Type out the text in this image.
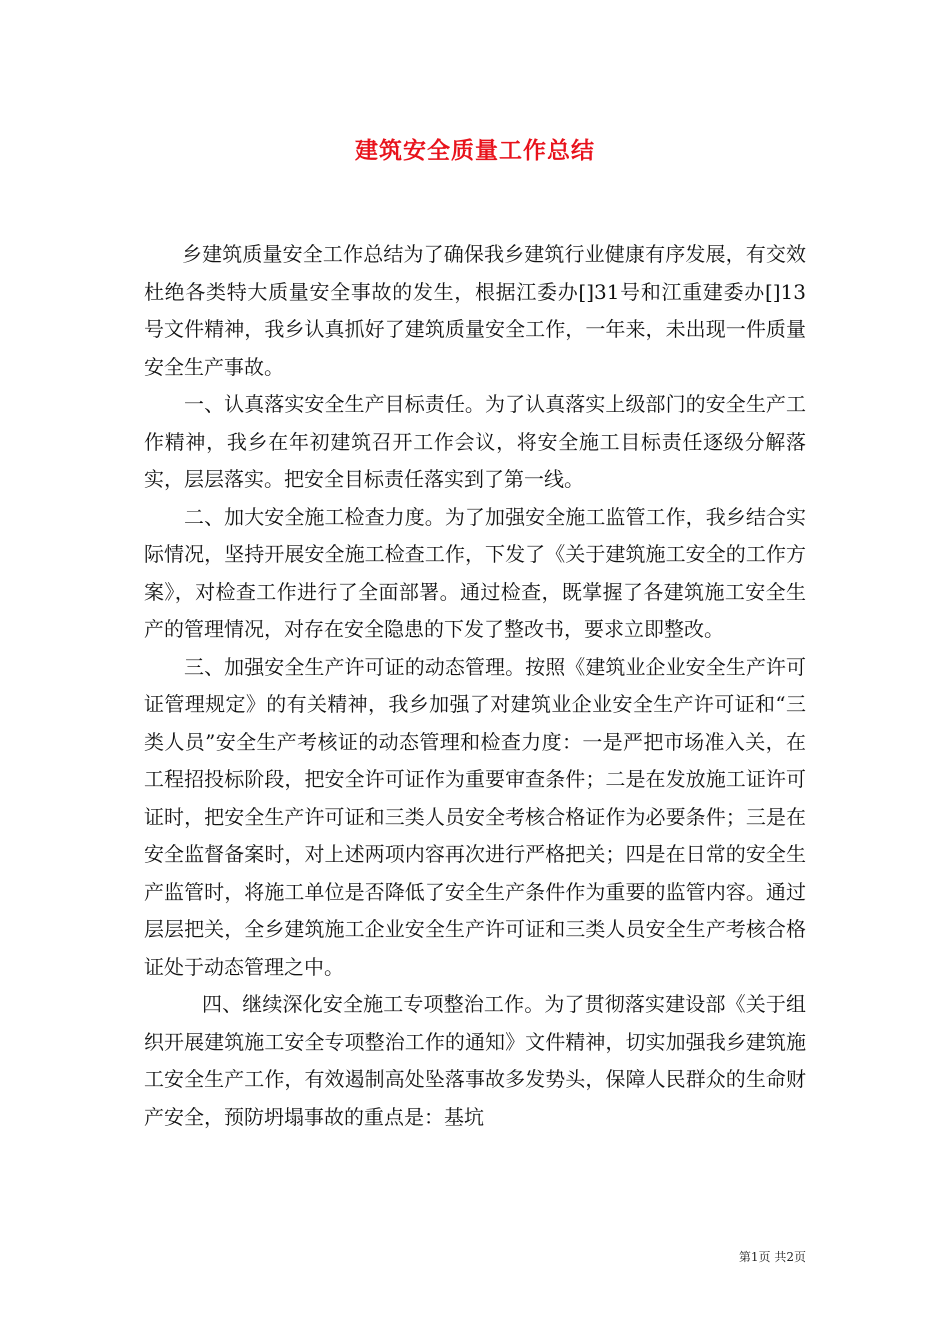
建筑安全质量工作总结

乡建筑质量安全工作总结为了确保我乡建筑行业健康有序发展，有交效杜绝各类特大质量安全事故的发生，根据江委办[]31号和江重建委办[]13号文件精神，我乡认真抓好了建筑质量安全工作，一年来，未出现一件质量安全生产事故。

一、认真落实安全生产目标责任。为了认真落实上级部门的安全生产工作精神，我乡在年初建筑召开工作会议，将安全施工目标责任逐级分解落实，层层落实。把安全目标责任落实到了第一线。

二、加大安全施工检查力度。为了加强安全施工监管工作，我乡结合实际情况，坚持开展安全施工检查工作，下发了《关于建筑施工安全的工作方案》，对检查工作进行了全面部署。通过检查，既掌握了各建筑施工安全生产的管理情况，对存在安全隐患的下发了整改书，要求立即整改。

三、加强安全生产许可证的动态管理。按照《建筑业企业安全生产许可证管理规定》的有关精神，我乡加强了对建筑业企业安全生产许可证和“三类人员”安全生产考核证的动态管理和检查力度：一是严把市场准入关，在工程招投标阶段，把安全许可证作为重要审查条件；二是在发放施工证许可证时，把安全生产许可证和三类人员安全考核合格证作为必要条件；三是在安全监督备案时，对上述两项内容再次进行严格把关；四是在日常的安全生产监管时，将施工单位是否降低了安全生产条件作为重要的监管内容。通过层层把关，全乡建筑施工企业安全生产许可证和三类人员安全生产考核合格证处于动态管理之中。

四、继续深化安全施工专项整治工作。为了贯彻落实建设部《关于组织开展建筑施工安全专项整治工作的通知》文件精神，切实加强我乡建筑施工安全生产工作，有效遏制高处坠落事故多发势头，保障人民群众的生命财产安全，预防坍塌事故的重点是：基坑

第1页 共2页
